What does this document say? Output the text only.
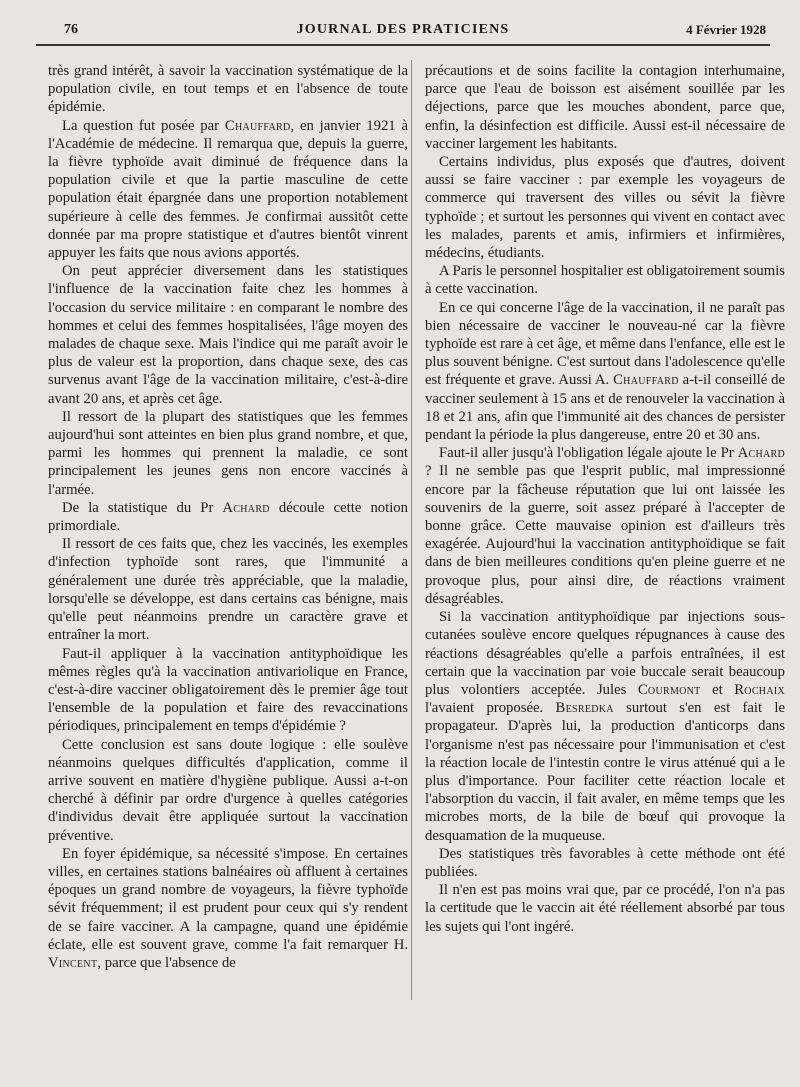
76	JOURNAL DES PRATICIENS	4 Février 1928

très grand intérêt, à savoir la vaccination systématique de la population civile, en tout temps et en l'absence de toute épidémie.

La question fut posée par Chauffard, en janvier 1921 à l'Académie de médecine. Il remarqua que, depuis la guerre, la fièvre typhoïde avait diminué de fréquence dans la population civile et que la partie masculine de cette population était épargnée dans une proportion notablement supérieure à celle des femmes. Je confirmai aussitôt cette donnée par ma propre statistique et d'autres bientôt vinrent appuyer les faits que nous avions apportés.

On peut apprécier diversement dans les statistiques l'influence de la vaccination faite chez les hommes à l'occasion du service militaire : en comparant le nombre des hommes et celui des femmes hospitalisées, l'âge moyen des malades de chaque sexe. Mais l'indice qui me paraît avoir le plus de valeur est la proportion, dans chaque sexe, des cas survenus avant l'âge de la vaccination militaire, c'est-à-dire avant 20 ans, et après cet âge.

Il ressort de la plupart des statistiques que les femmes aujourd'hui sont atteintes en bien plus grand nombre, et que, parmi les hommes qui prennent la maladie, ce sont principalement les jeunes gens non encore vaccinés à l'armée.

De la statistique du Pr Achard découle cette notion primordiale.

Il ressort de ces faits que, chez les vaccinés, les exemples d'infection typhoïde sont rares, que l'immunité a généralement une durée très appréciable, que la maladie, lorsqu'elle se développe, est dans certains cas bénigne, mais qu'elle peut néanmoins prendre un caractère grave et entraîner la mort.

Faut-il appliquer à la vaccination antityphoïdique les mêmes règles qu'à la vaccination antivariolique en France, c'est-à-dire vacciner obligatoirement dès le premier âge tout l'ensemble de la population et faire des revaccinations périodiques, principalement en temps d'épidémie ?

Cette conclusion est sans doute logique : elle soulève néanmoins quelques difficultés d'application, comme il arrive souvent en matière d'hygiène publique. Aussi a-t-on cherché à définir par ordre d'urgence à quelles catégories d'individus devait être appliquée surtout la vaccination préventive.

En foyer épidémique, sa nécessité s'impose. En certaines villes, en certaines stations balnéaires où affluent à certaines époques un grand nombre de voyageurs, la fièvre typhoïde sévit fréquemment; il est prudent pour ceux qui s'y rendent de se faire vacciner. A la campagne, quand une épidémie éclate, elle est souvent grave, comme l'a fait remarquer H. Vincent, parce que l'absence de

précautions et de soins facilite la contagion interhumaine, parce que l'eau de boisson est aisément souillée par les déjections, parce que les mouches abondent, parce que, enfin, la désinfection est difficile. Aussi est-il nécessaire de vacciner largement les habitants.

Certains individus, plus exposés que d'autres, doivent aussi se faire vacciner : par exemple les voyageurs de commerce qui traversent des villes ou sévit la fièvre typhoïde ; et surtout les personnes qui vivent en contact avec les malades, parents et amis, infirmiers et infirmières, médecins, étudiants.

A Paris le personnel hospitalier est obligatoirement soumis à cette vaccination.

En ce qui concerne l'âge de la vaccination, il ne paraît pas bien nécessaire de vacciner le nouveau-né car la fièvre typhoïde est rare à cet âge, et même dans l'enfance, elle est le plus souvent bénigne. C'est surtout dans l'adolescence qu'elle est fréquente et grave. Aussi A. Chauffard a-t-il conseillé de vacciner seulement à 15 ans et de renouveler la vaccination à 18 et 21 ans, afin que l'immunité ait des chances de persister pendant la période la plus dangereuse, entre 20 et 30 ans.

Faut-il aller jusqu'à l'obligation légale ajoute le Pr Achard ? Il ne semble pas que l'esprit public, mal impressionné encore par la fâcheuse réputation que lui ont laissée les souvenirs de la guerre, soit assez préparé à l'accepter de bonne grâce. Cette mauvaise opinion est d'ailleurs très exagérée. Aujourd'hui la vaccination antityphoïdique se fait dans de bien meilleures conditions qu'en pleine guerre et ne provoque plus, pour ainsi dire, de réactions vraiment désagréables.

Si la vaccination antityphoïdique par injections sous-cutanées soulève encore quelques répugnances à cause des réactions désagréables qu'elle a parfois entraînées, il est certain que la vaccination par voie buccale serait beaucoup plus volontiers acceptée. Jules Courmont et Rochaix l'avaient proposée. Besredka surtout s'en est fait le propagateur. D'après lui, la production d'anticorps dans l'organisme n'est pas nécessaire pour l'immunisation et c'est la réaction locale de l'intestin contre le virus atténué qui a le plus d'importance. Pour faciliter cette réaction locale et l'absorption du vaccin, il fait avaler, en même temps que les microbes morts, de la bile de bœuf qui provoque la desquamation de la muqueuse.

Des statistiques très favorables à cette méthode ont été publiées.

Il n'en est pas moins vrai que, par ce procédé, l'on n'a pas la certitude que le vaccin ait été réellement absorbé par tous les sujets qui l'ont ingéré.
